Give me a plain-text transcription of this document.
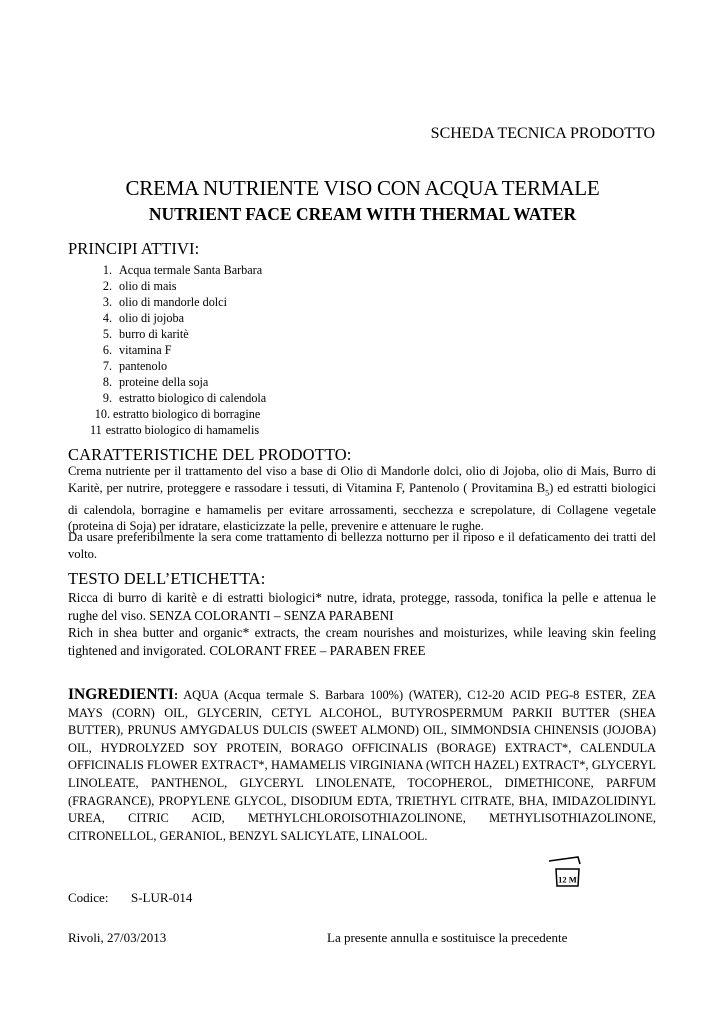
SCHEDA TECNICA PRODOTTO
CREMA NUTRIENTE VISO CON ACQUA TERMALE
NUTRIENT FACE CREAM WITH THERMAL WATER
PRINCIPI ATTIVI:
1. Acqua termale Santa Barbara
2. olio di mais
3. olio di mandorle dolci
4. olio di jojoba
5. burro di karitè
6. vitamina F
7. pantenolo
8. proteine della soja
9. estratto biologico di calendola
10. estratto biologico di borragine
11 estratto biologico di hamamelis
CARATTERISTICHE DEL PRODOTTO:
Crema nutriente per il trattamento del viso a base di Olio di Mandorle dolci, olio di Jojoba, olio di Mais, Burro di Karitè, per nutrire, proteggere e rassodare i tessuti, di Vitamina F, Pantenolo ( Provitamina $B_5$) ed estratti biologici di calendola, borragine e hamamelis per evitare arrossamenti, secchezza e screpolature, di Collagene vegetale (proteina di Soja) per idratare, elasticizzate la pelle, prevenire e attenuare le rughe.
Da usare preferibilmente la sera come trattamento di bellezza notturno per il riposo e il defaticamento dei tratti del volto.
TESTO DELL’ETICHETTA:
Ricca di burro di karitè e di estratti biologici* nutre, idrata, protegge, rassoda, tonifica la pelle e attenua le rughe del viso. SENZA COLORANTI – SENZA PARABENI
Rich in shea butter and organic* extracts, the cream nourishes and moisturizes, while leaving skin feeling tightened and invigorated. COLORANT FREE – PARABEN FREE
INGREDIENTI: AQUA (Acqua termale S. Barbara 100%) (WATER), C12-20 ACID PEG-8 ESTER, ZEA MAYS (CORN) OIL, GLYCERIN, CETYL ALCOHOL, BUTYROSPERMUM PARKII BUTTER (SHEA BUTTER), PRUNUS AMYGDALUS DULCIS (SWEET ALMOND) OIL, SIMMONDSIA CHINENSIS (JOJOBA) OIL, HYDROLYZED SOY PROTEIN, BORAGO OFFICINALIS (BORAGE) EXTRACT*, CALENDULA OFFICINALIS FLOWER EXTRACT*, HAMAMELIS VIRGINIANA (WITCH HAZEL) EXTRACT*, GLYCERYL LINOLEATE, PANTHENOL, GLYCERYL LINOLENATE, TOCOPHEROL, DIMETHICONE, PARFUM (FRAGRANCE), PROPYLENE GLYCOL, DISODIUM EDTA, TRIETHYL CITRATE, BHA, IMIDAZOLIDINYL UREA, CITRIC ACID, METHYLCHLOROISOTHIAZOLINONE, METHYLISOTHIAZOLINONE, CITRONELLOL, GERANIOL, BENZYL SALICYLATE, LINALOOL.
12 M
Codice: S-LUR-014
Rivoli, 27/03/2013	La presente annulla e sostituisce la precedente
